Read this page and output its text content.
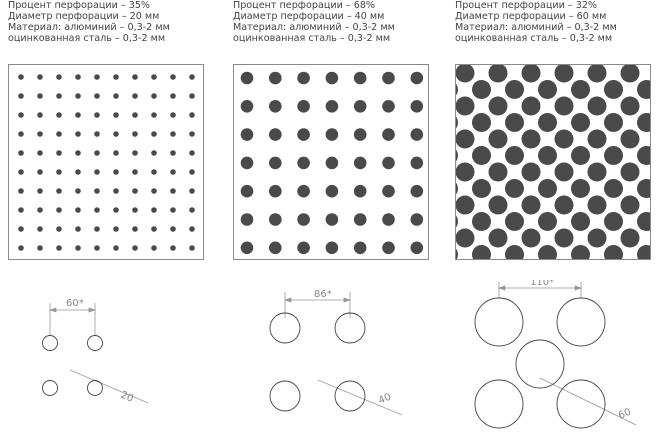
Процент перфорации – 35%
Диаметр перфорации – 20 мм
Материал: алюминий – 0,3-2 мм
оцинкованная сталь – 0,3-2 мм
60*
20
Процент перфорации – 68%
Диаметр перфорации – 40 мм
Материал: алюминий – 0,3-2 мм
оцинкованная сталь – 0,3-2 мм
86*
40
Процент перфорации – 32%
Диаметр перфорации – 60 мм
Материал: алюминий – 0,3-2 мм
оцинкованная сталь – 0,3-2 мм
110*
60
